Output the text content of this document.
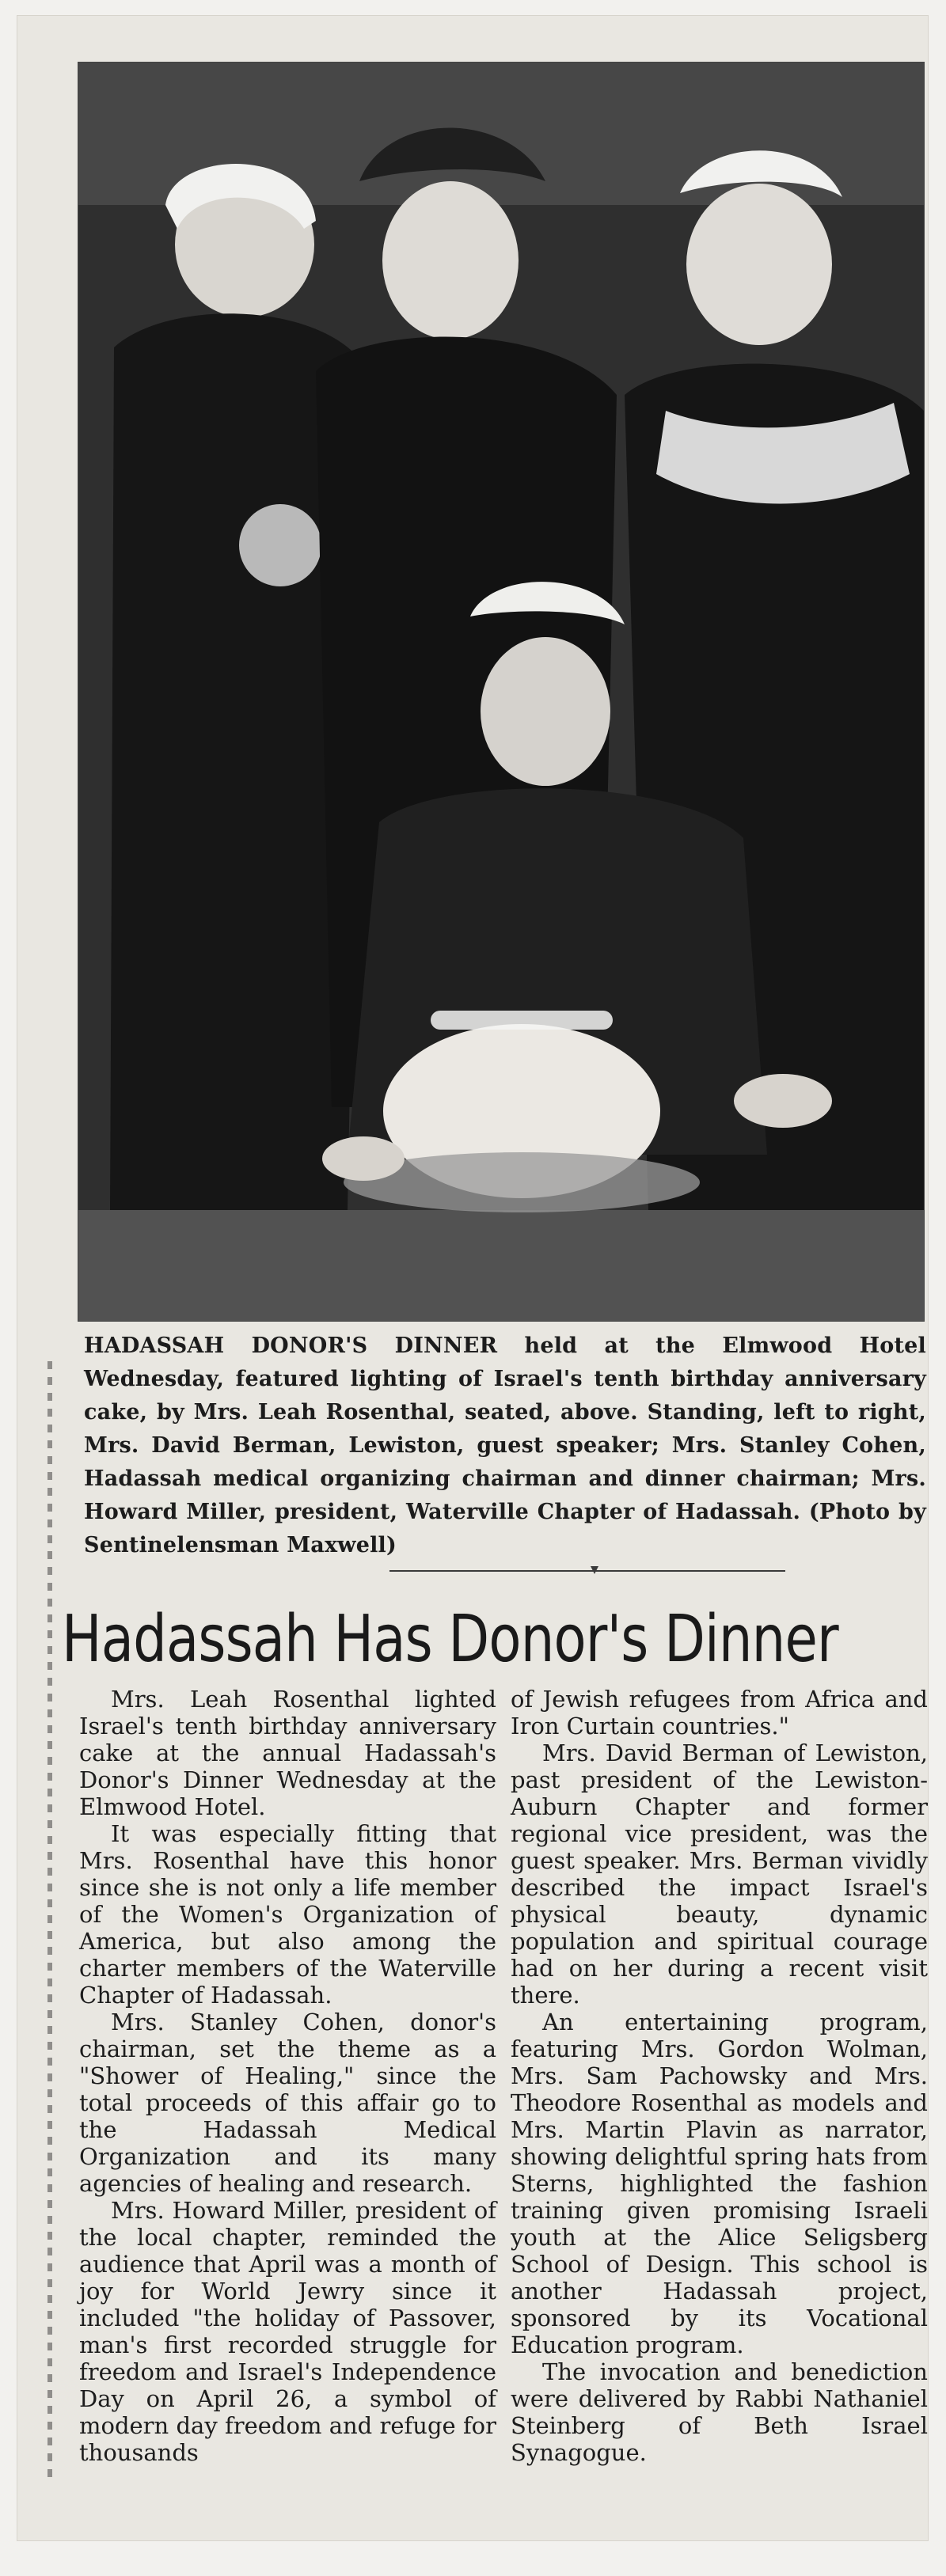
HADASSAH DONOR'S DINNER held at the Elmwood Hotel Wednesday, featured lighting of Israel's tenth birthday anniversary cake, by Mrs. Leah Rosenthal, seated, above. Standing, left to right, Mrs. David Berman, Lewiston, guest speaker; Mrs. Stanley Cohen, Hadassah medical organizing chairman and dinner chairman; Mrs. Howard Miller, president, Waterville Chapter of Hadassah. (Photo by Sentinelensman Maxwell)
Hadassah Has Donor's Dinner

Mrs. Leah Rosenthal lighted Israel's tenth birthday anniversary cake at the annual Hadassah's Donor's Dinner Wednesday at the Elmwood Hotel.

It was especially fitting that Mrs. Rosenthal have this honor since she is not only a life member of the Women's Organization of America, but also among the charter members of the Waterville Chapter of Hadassah.

Mrs. Stanley Cohen, donor's chairman, set the theme as a "Shower of Healing," since the total proceeds of this affair go to the Hadassah Medical Organization and its many agencies of healing and research.

Mrs. Howard Miller, president of the local chapter, reminded the audience that April was a month of joy for World Jewry since it included "the holiday of Passover, man's first recorded struggle for freedom and Israel's Independence Day on April 26, a symbol of modern day freedom and refuge for thousands

of Jewish refugees from Africa and Iron Curtain countries."

Mrs. David Berman of Lewiston, past president of the Lewiston-Auburn Chapter and former regional vice president, was the guest speaker. Mrs. Berman vividly described the impact Israel's physical beauty, dynamic population and spiritual courage had on her during a recent visit there.

An entertaining program, featuring Mrs. Gordon Wolman, Mrs. Sam Pachowsky and Mrs. Theodore Rosenthal as models and Mrs. Martin Plavin as narrator, showing delightful spring hats from Sterns, highlighted the fashion training given promising Israeli youth at the Alice Seligsberg School of Design. This school is another Hadassah project, sponsored by its Vocational Education program.

The invocation and benediction were delivered by Rabbi Nathaniel Steinberg of Beth Israel Synagogue.
